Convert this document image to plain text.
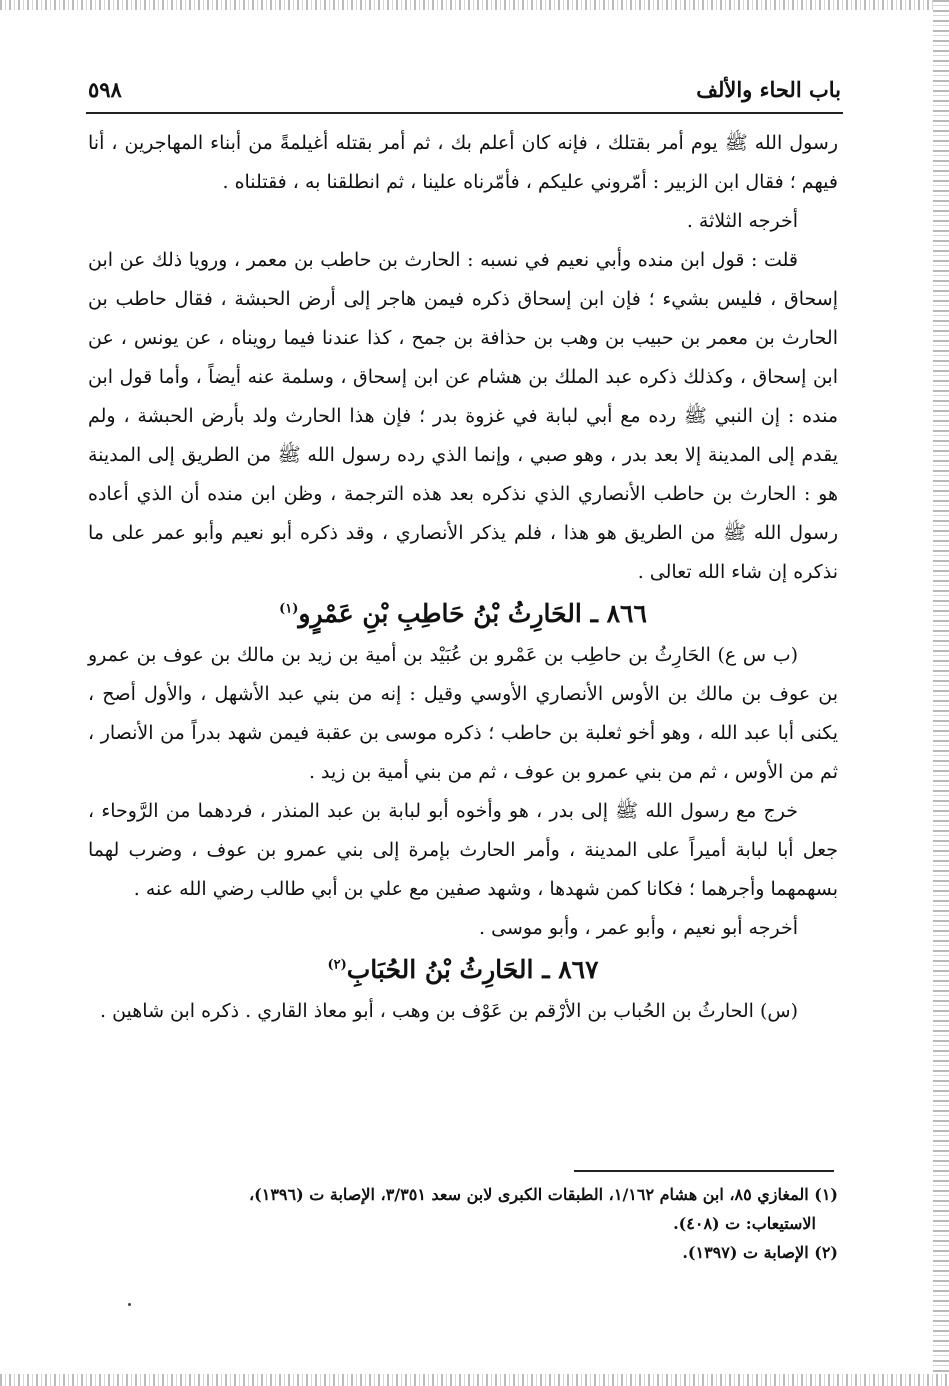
باب الحاء والألف
٥٩٨

رسول الله ﷺ يوم أمر بقتلك ، فإنه كان أعلم بك ، ثم أمر بقتله أغيلمةً من أبناء المهاجرين ، أنا فيهم ؛ فقال ابن الزبير : أمّروني عليكم ، فأمّرناه علينا ، ثم انطلقنا به ، فقتلناه .

أخرجه الثلاثة .

قلت : قول ابن منده وأبي نعيم في نسبه : الحارث بن حاطب بن معمر ، ورويا ذلك عن ابن إسحاق ، فليس بشيء ؛ فإن ابن إسحاق ذكره فيمن هاجر إلى أرض الحبشة ، فقال حاطب بن الحارث بن معمر بن حبيب بن وهب بن حذافة بن جمح ، كذا عندنا فيما رويناه ، عن يونس ، عن ابن إسحاق ، وكذلك ذكره عبد الملك بن هشام عن ابن إسحاق ، وسلمة عنه أيضاً ، وأما قول ابن منده : إن النبي ﷺ رده مع أبي لبابة في غزوة بدر ؛ فإن هذا الحارث ولد بأرض الحبشة ، ولم يقدم إلى المدينة إلا بعد بدر ، وهو صبي ، وإنما الذي رده رسول الله ﷺ من الطريق إلى المدينة هو : الحارث بن حاطب الأنصاري الذي نذكره بعد هذه الترجمة ، وظن ابن منده أن الذي أعاده رسول الله ﷺ من الطريق هو هذا ، فلم يذكر الأنصاري ، وقد ذكره أبو نعيم وأبو عمر على ما نذكره إن شاء الله تعالى .

٨٦٦ ـ الحَارِثُ بْنُ حَاطِبِ بْنِ عَمْرٍو$^{(١)}$

(ب س ع) الحَارِثُ بن حاطِب بن عَمْرو بن عُبَيْد بن أمية بن زيد بن مالك بن عوف بن عمرو بن عوف بن مالك بن الأوس الأنصاري الأوسي وقيل : إنه من بني عبد الأشهل ، والأول أصح ، يكنى أبا عبد الله ، وهو أخو ثعلبة بن حاطب ؛ ذكره موسى بن عقبة فيمن شهد بدراً من الأنصار ، ثم من الأوس ، ثم من بني عمرو بن عوف ، ثم من بني أمية بن زيد .

خرج مع رسول الله ﷺ إلى بدر ، هو وأخوه أبو لبابة بن عبد المنذر ، فردهما من الرَّوحاء ، جعل أبا لبابة أميراً على المدينة ، وأمر الحارث بإمرة إلى بني عمرو بن عوف ، وضرب لهما بسهمهما وأجرهما ؛ فكانا كمن شهدها ، وشهد صفين مع علي بن أبي طالب رضي الله عنه .

أخرجه أبو نعيم ، وأبو عمر ، وأبو موسى .

٨٦٧ ـ الحَارِثُ بْنُ الحُبَابِ$^{(٢)}$

(س) الحارثُ بن الحُباب بن الأرْقم بن عَوْف بن وهب ، أبو معاذ القاري . ذكره ابن شاهين .

(١) المغازي ٨٥، ابن هشام ١/١٦٢، الطبقات الكبرى لابن سعد ٣/٣٥١، الإصابة ت (١٣٩٦)،

الاستيعاب: ت (٤٠٨).

(٢) الإصابة ت (١٣٩٧).
